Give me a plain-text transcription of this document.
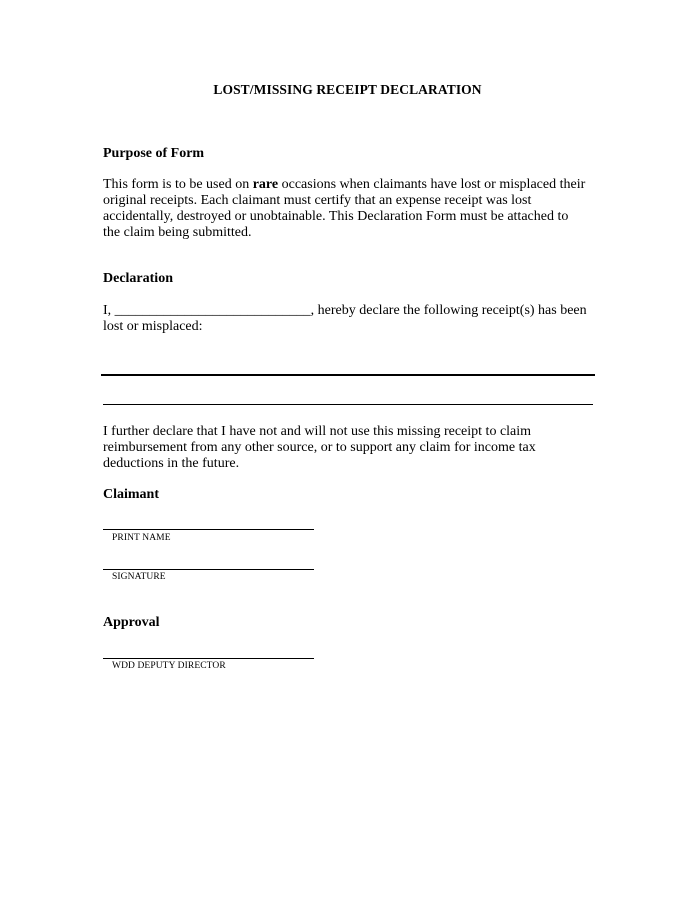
LOST/MISSING RECEIPT DECLARATION
Purpose of Form
This form is to be used on rare occasions when claimants have lost or misplaced their original receipts. Each claimant must certify that an expense receipt was lost accidentally, destroyed or unobtainable. This Declaration Form must be attached to the claim being submitted.
Declaration
I, ____________________________, hereby declare the following receipt(s) has been lost or misplaced:
I further declare that I have not and will not use this missing receipt to claim reimbursement from any other source, or to support any claim for income tax deductions in the future.
Claimant
PRINT NAME
SIGNATURE
Approval
WDD DEPUTY DIRECTOR
